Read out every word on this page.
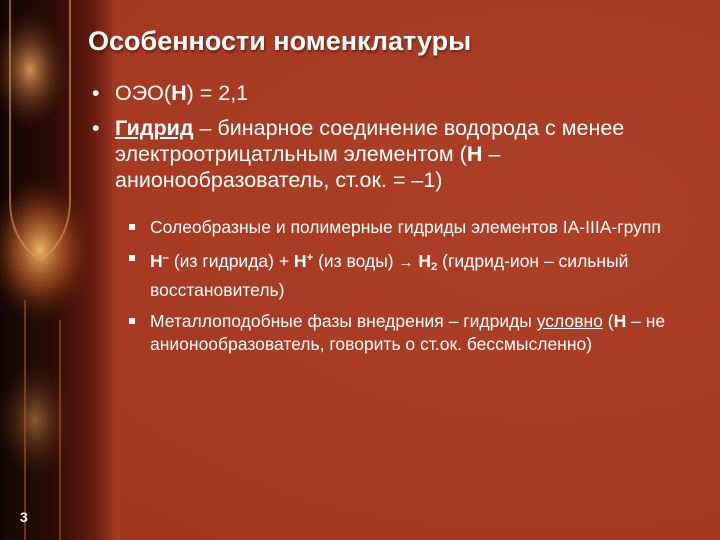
Особенности номенклатуры
• ОЭО(Н) = 2,1
• Гидрид – бинарное соединение водорода с менее электроотрицатльным элементом (Н – анионообразователь, ст.ок. = –1)
Солеобразные и полимерные гидриды элементов IA-IIIA-групп
Н– (из гидрида) + Н+ (из воды) → $Н_2$ (гидрид-ион – сильный восстановитель)
Металлоподобные фазы внедрения – гидриды условно (Н – не анионообразователь, говорить о ст.ок. бессмысленно)
3
